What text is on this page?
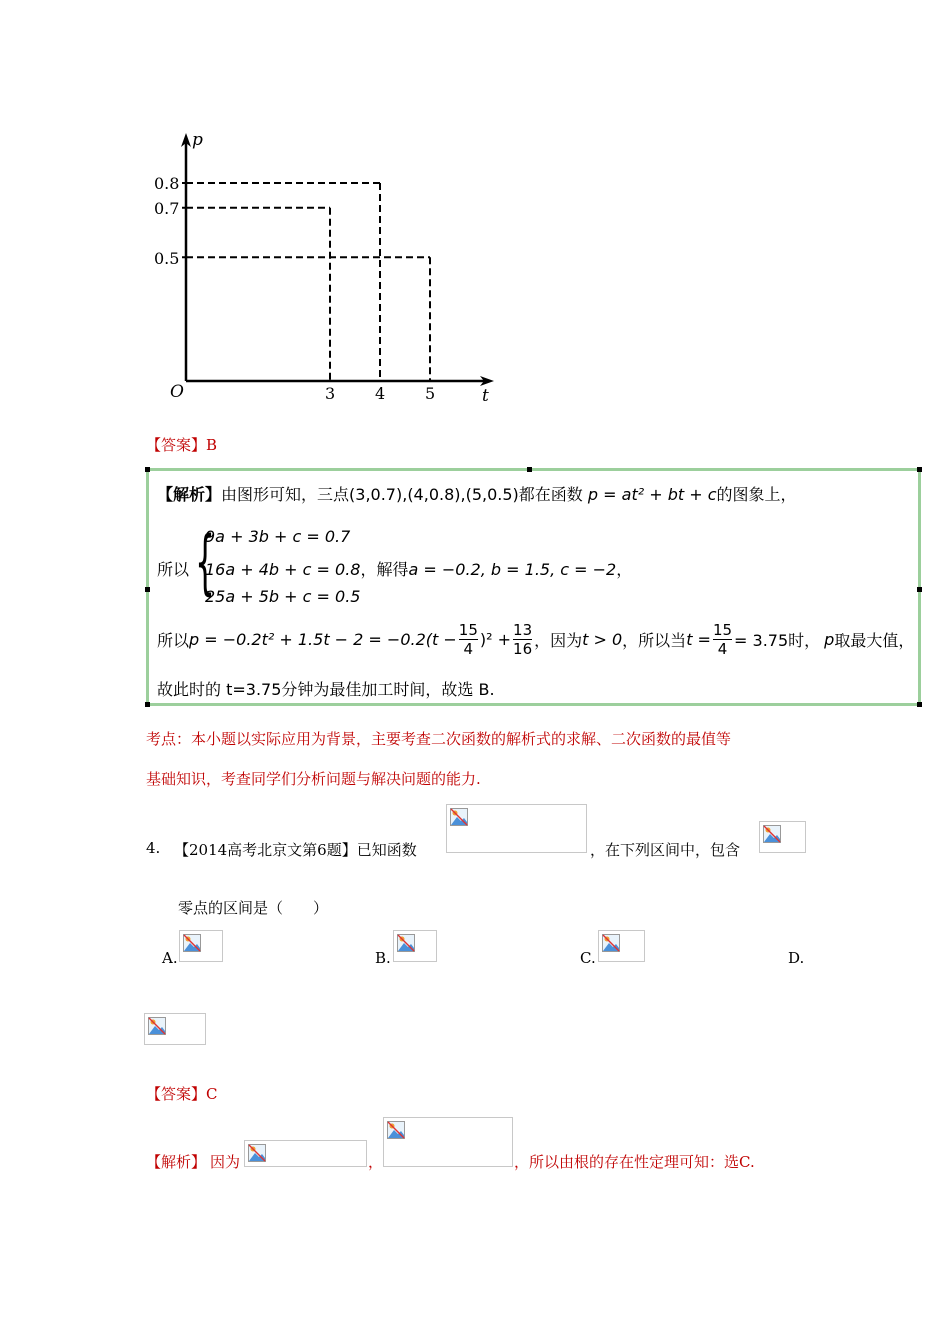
p
t
O
0.8
0.7
0.5
3 4 5
【答案】B
【解析】由图形可知，三点(3,0.7),(4,0.8),(5,0.5)都在函数 p = at² + bt + c的图象上，
所以 {
9a + 3b + c = 0.7
16a + 4b + c = 0.8，解得a = −0.2, b = 1.5, c = −2，
25a + 5b + c = 0.5
所以 $p = -0.2t^2 + 1.5t - 2 = -0.2(t - \frac{15}{4} )^2 + \frac{13}{16}$ ，因为 t > 0 ，所以当 $t = \frac{15}{4} = 3.75$时， p 取最大值，
故此时的 t=3.75分钟为最佳加工时间，故选 B.
考点：本小题以实际应用为背景，主要考查二次函数的解析式的求解、二次函数的最值等
基础知识，考查同学们分析问题与解决问题的能力.
4. 【2014高考北京文第6题】已知函数	，在下列区间中，包含
零点的区间是（　　）
A.	B.	C.	D.
【答案】C
【解析】 因为	，	，所以由根的存在性定理可知：选C.
